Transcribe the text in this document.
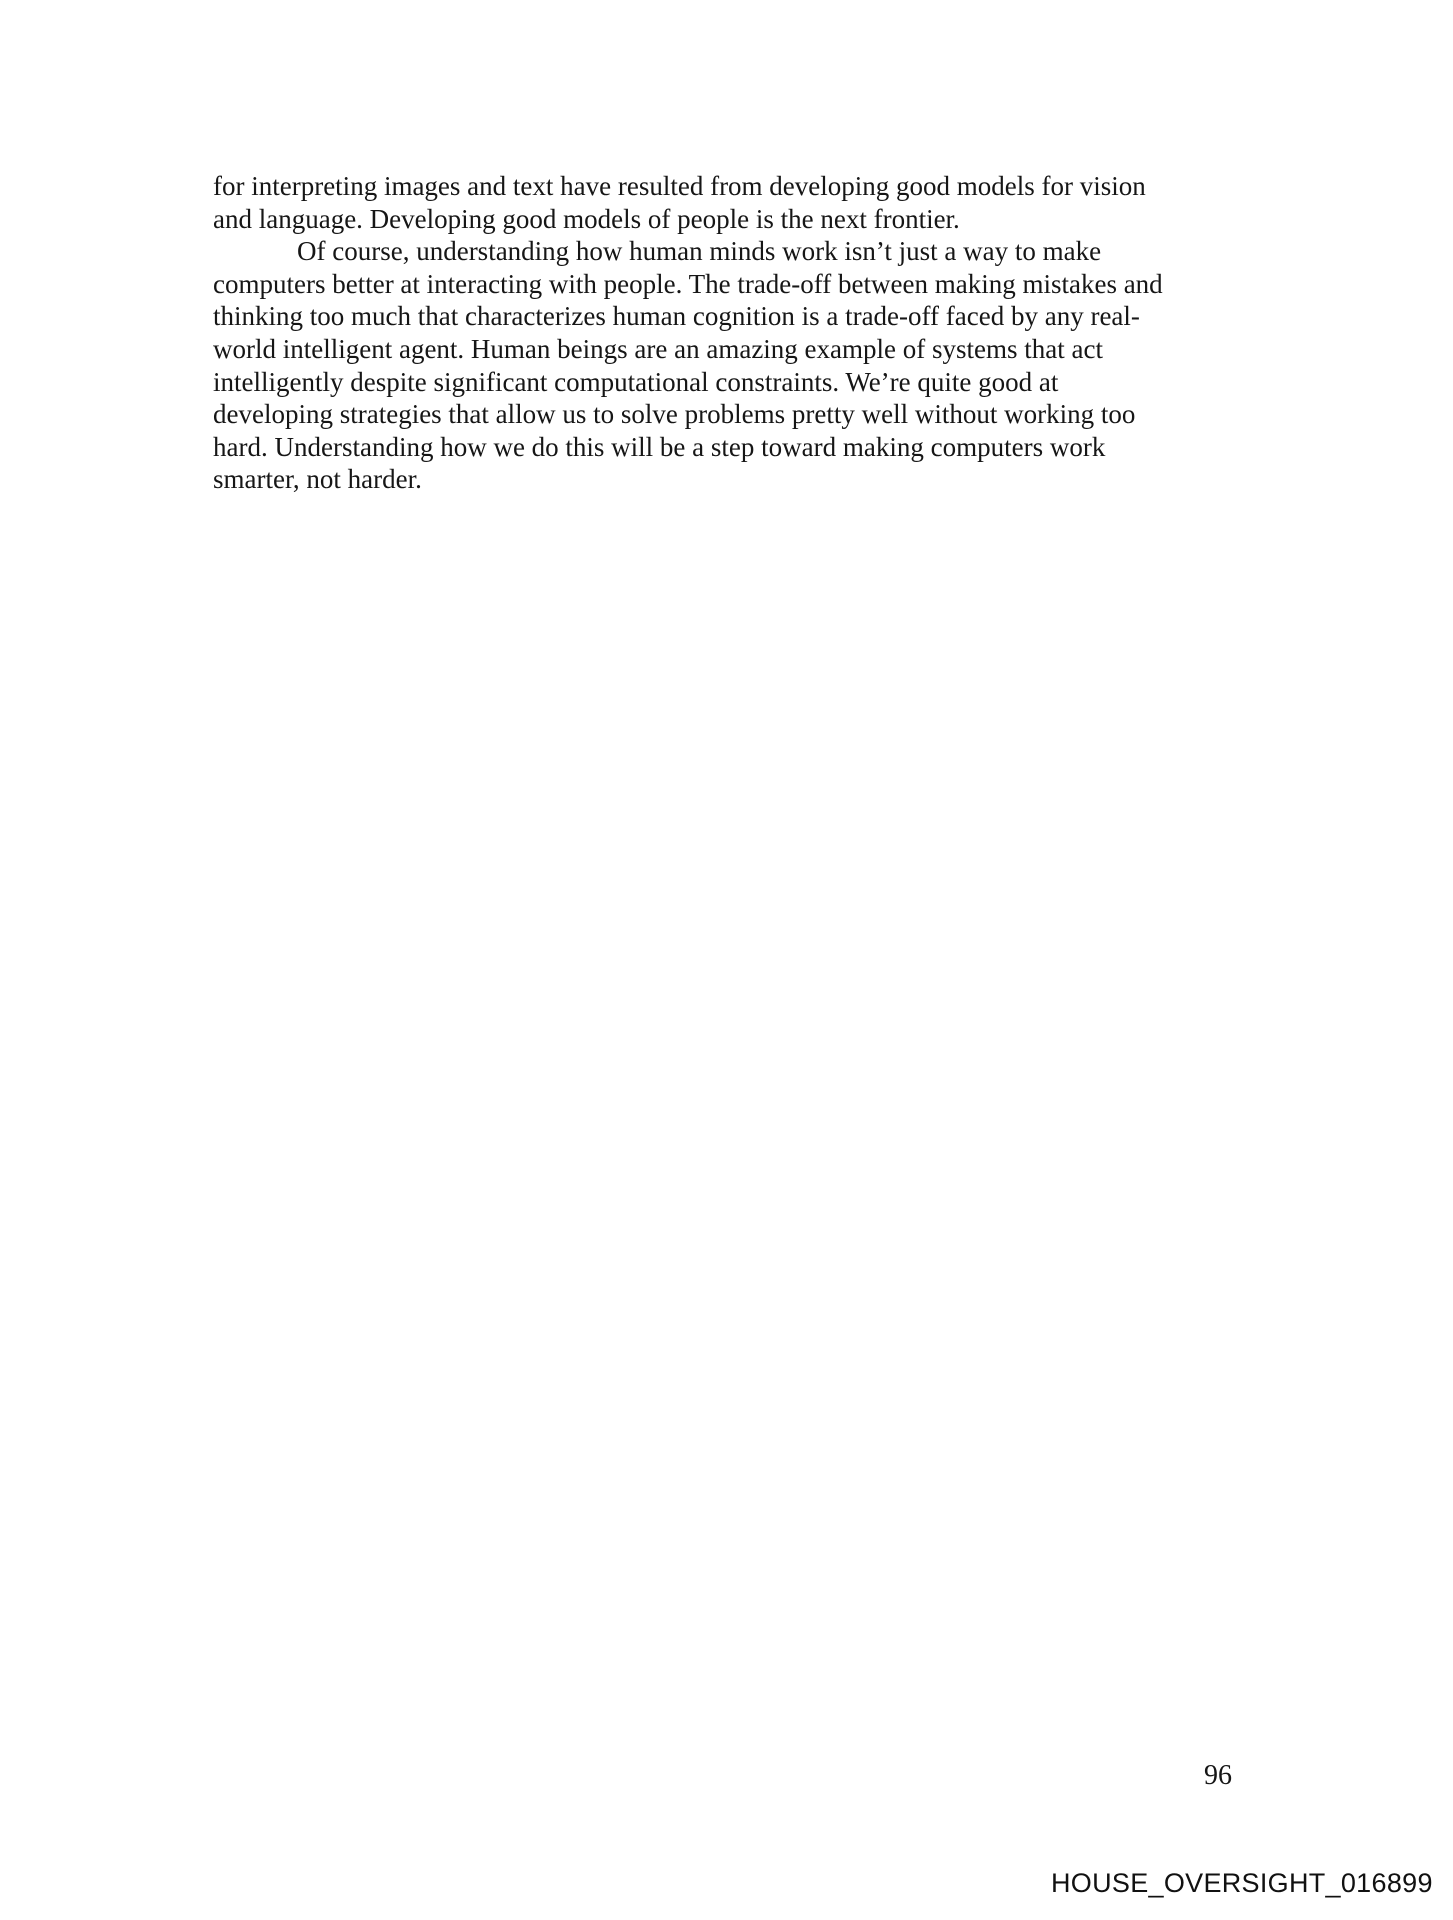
for interpreting images and text have resulted from developing good models for vision
and language. Developing good models of people is the next frontier.
Of course, understanding how human minds work isn’t just a way to make
computers better at interacting with people. The trade-off between making mistakes and
thinking too much that characterizes human cognition is a trade-off faced by any real-
world intelligent agent. Human beings are an amazing example of systems that act
intelligently despite significant computational constraints. We’re quite good at
developing strategies that allow us to solve problems pretty well without working too
hard. Understanding how we do this will be a step toward making computers work
smarter, not harder.
96
HOUSE_OVERSIGHT_016899
